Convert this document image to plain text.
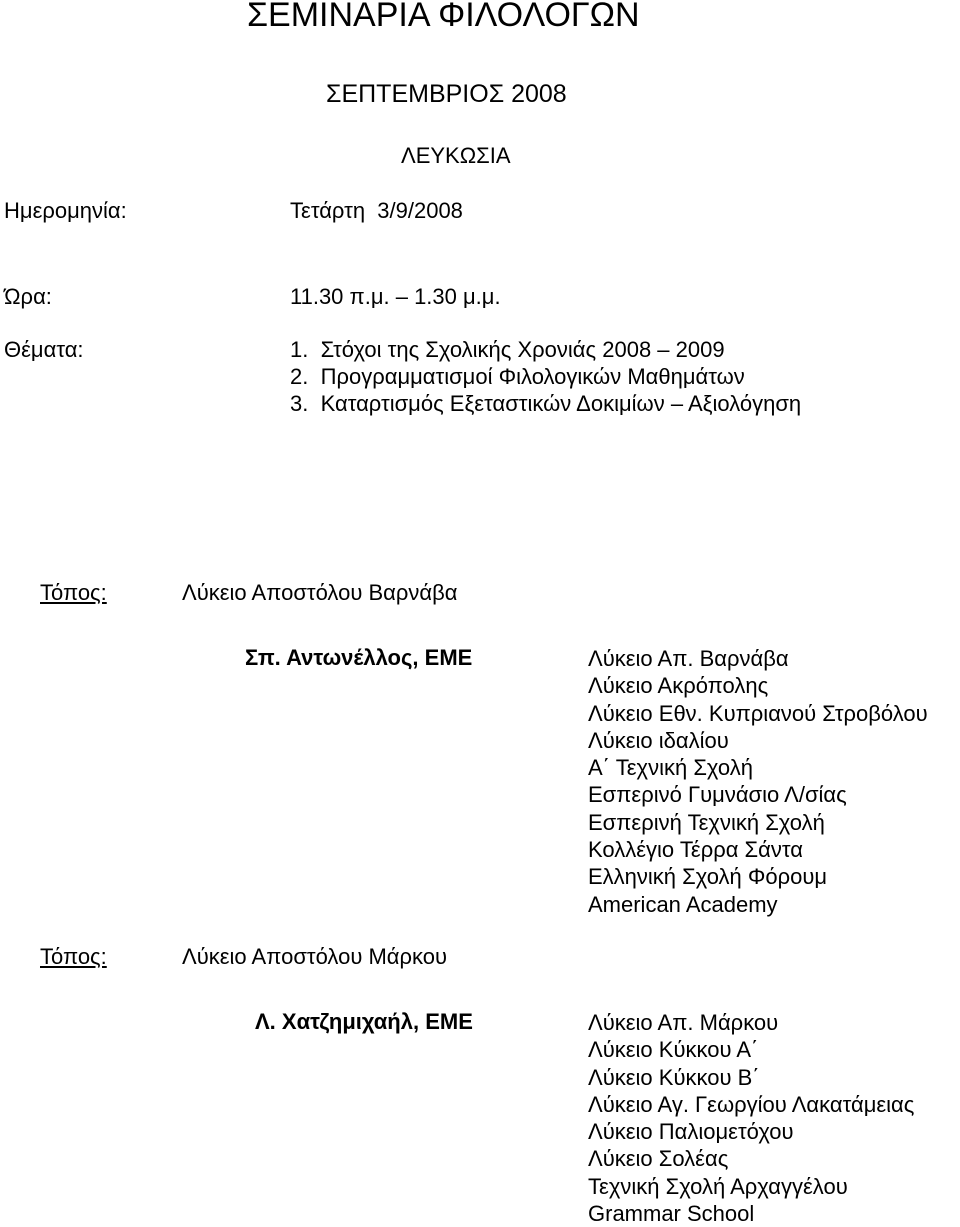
ΣΕΜΙΝΑΡΙΑ ΦΙΛΟΛΟΓΩΝ
ΣΕΠΤΕΜΒΡΙΟΣ 2008
ΛΕΥΚΩΣΙΑ
Ημερομηνία:	Τετάρτη  3/9/2008
Ώρα:	11.30 π.μ. – 1.30 μ.μ.
Θέματα:	1.  Στόχοι της Σχολικής Χρονιάς 2008 – 2009
2.  Προγραμματισμοί Φιλολογικών Μαθημάτων
3.  Καταρτισμός Εξεταστικών Δοκιμίων – Αξιολόγηση
Τόπος:	Λύκειο Αποστόλου Βαρνάβα
Σπ. Αντωνέλλος, ΕΜΕ	Λύκειο Απ. Βαρνάβα
Λύκειο Ακρόπολης
Λύκειο Εθν. Κυπριανού Στροβόλου
Λύκειο ιδαλίου
Α΄ Τεχνική Σχολή
Εσπερινό Γυμνάσιο Λ/σίας
Εσπερινή Τεχνική Σχολή
Κολλέγιο Τέρρα Σάντα
Ελληνική Σχολή Φόρουμ
American Academy
Τόπος:	Λύκειο Αποστόλου Μάρκου
Λ. Χατζημιχαήλ, ΕΜΕ	Λύκειο Απ. Μάρκου
Λύκειο Κύκκου Α΄
Λύκειο Κύκκου Β΄
Λύκειο Αγ. Γεωργίου Λακατάμειας
Λύκειο Παλιομετόχου
Λύκειο Σολέας
Τεχνική Σχολή Αρχαγγέλου
Grammar School
